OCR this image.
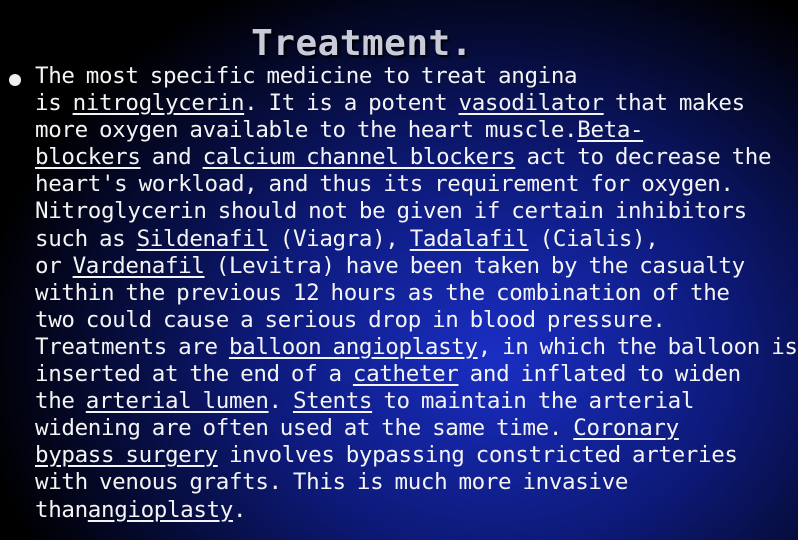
Treatment.
The most specific medicine to treat angina
is nitroglycerin. It is a potent vasodilator that makes
more oxygen available to the heart muscle.Beta-
blockers and calcium channel blockers act to decrease the
heart's workload, and thus its requirement for oxygen.
Nitroglycerin should not be given if certain inhibitors
such as Sildenafil (Viagra), Tadalafil (Cialis),
or Vardenafil (Levitra) have been taken by the casualty
within the previous 12 hours as the combination of the
two could cause a serious drop in blood pressure.
Treatments are balloon angioplasty, in which the balloon is
inserted at the end of a catheter and inflated to widen
the arterial lumen. Stents to maintain the arterial
widening are often used at the same time. Coronary
bypass surgery involves bypassing constricted arteries
with venous grafts. This is much more invasive
thanangioplasty.
